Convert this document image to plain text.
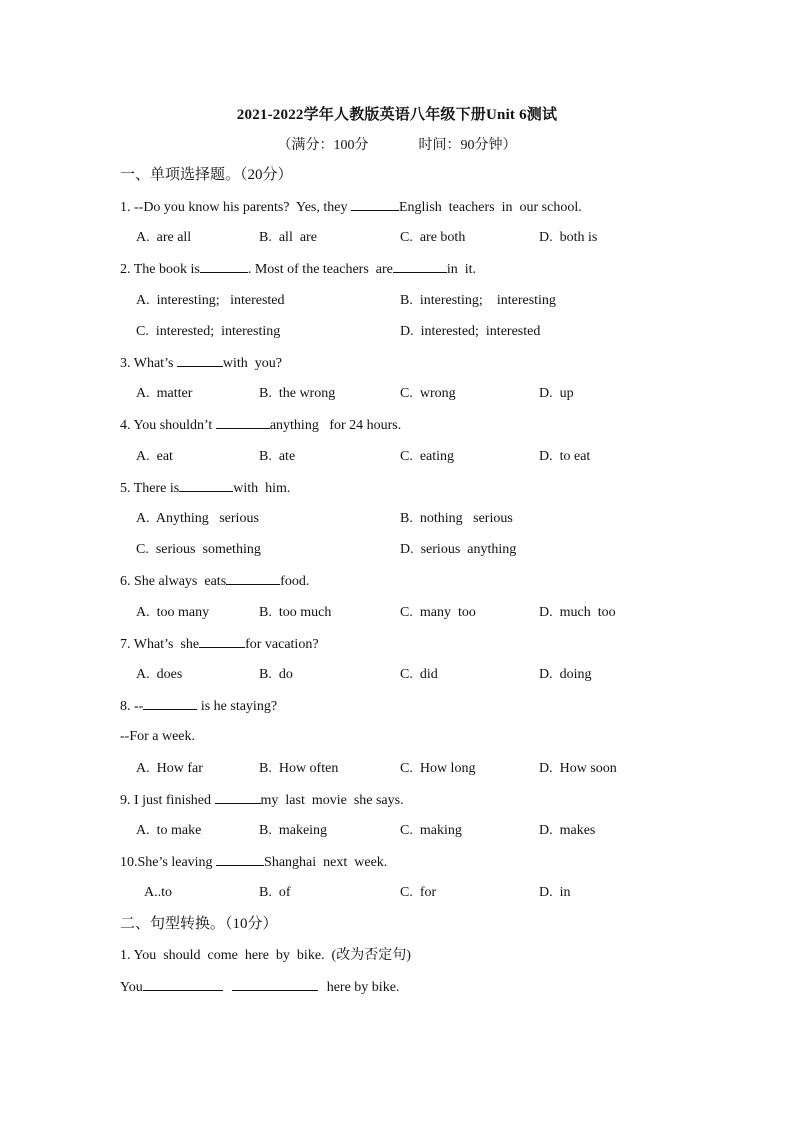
2021-2022学年人教版英语八年级下册Unit 6测试
（满分：100分	时间：90分钟）
一、单项选择题。（20分）
1. --Do you know his parents?  Yes, they	English  teachers  in  our school.
A.  are all	B.  all  are	C.  are both	D.  both is
2. The book is	. Most of the teachers  are	in  it.
A.  interesting;   interested	B.  interesting;    interesting
C.  interested;  interesting	D.  interested;  interested
3. What’s	with  you?
A.  matter	B.  the wrong	C.  wrong	D.  up
4. You shouldn’t	anything   for 24 hours.
A.  eat	B.  ate	C.  eating	D.  to eat
5. There is	with  him.
A.  Anything   serious	B.  nothing   serious
C.  serious  something	D.  serious  anything
6. She always  eats	food.
A.  too many	B.  too much	C.  many  too	D.  much  too
7. What’s  she	for vacation?
A.  does	B.  do	C.  did	D.  doing
8. --	is he staying?
--For a week.
A.  How far	B.  How often	C.  How long	D.  How soon
9. I just finished	my  last  movie  she says.
A.  to make	B.  makeing	C.  making	D.  makes
10.She’s leaving	Shanghai  next  week.
A..to	B.  of	C.  for	D.  in
二、句型转换。（10分）
1. You  should  come  here  by  bike.  (改为否定句)
You	here by bike.
